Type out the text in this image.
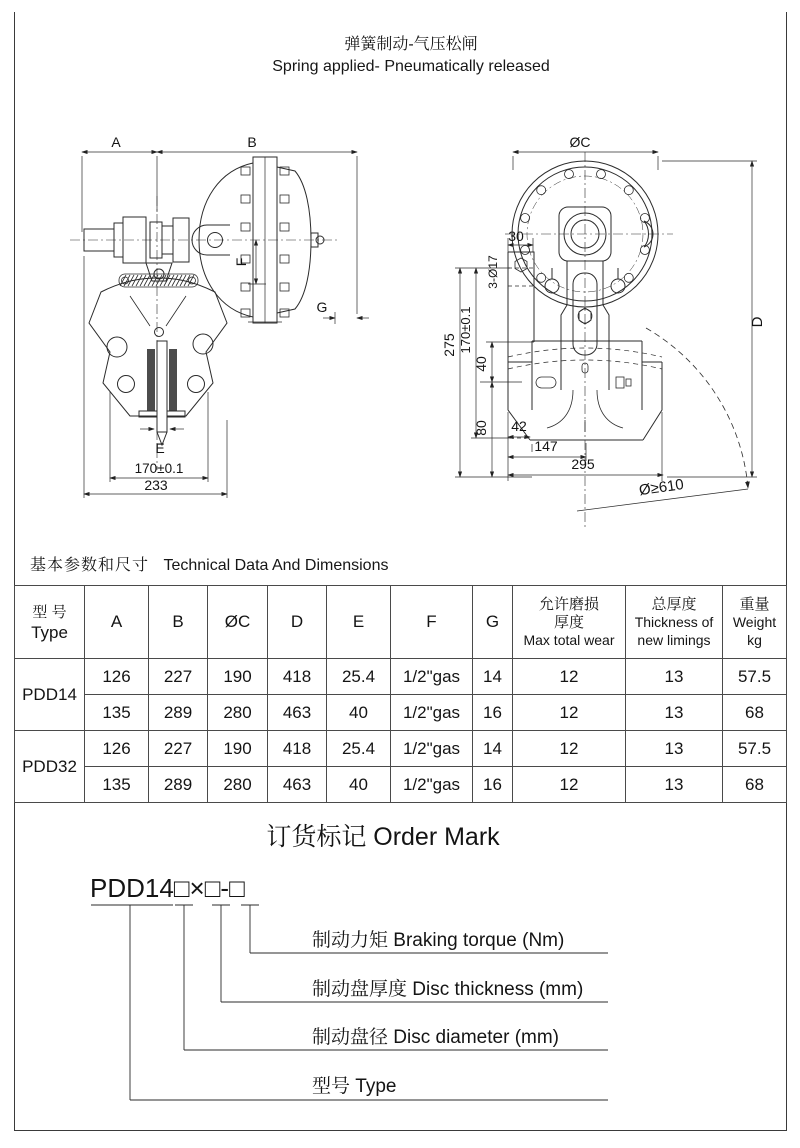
弹簧制动-气压松闸
Spring applied- Pneumatically released
A	B
F
G
E
170±0.1
233
ØC
D
30
3-Ø17
275 170±0.1
40
80 42
147
295
Ø≥610
基本参数和尺寸 Technical Data And Dimensions
型 号
Type	A	B	ØC	D	E	F	G	允许磨损
厚度
Max total wear	总厚度
Thickness of
new limings	重量
Weight
kg
PDD14	126	227	190	418	25.4	1/2"gas	14	12	13	57.5
	135	289	280	463	40	1/2"gas	16	12	13	68
PDD32	126	227	190	418	25.4	1/2"gas	14	12	13	57.5
	135	289	280	463	40	1/2"gas	16	12	13	68
订货标记 Order Mark
PDD14□×□-□
制动力矩 Braking torque (Nm)
制动盘厚度 Disc thickness (mm)
制动盘径 Disc diameter (mm)
型号 Type
